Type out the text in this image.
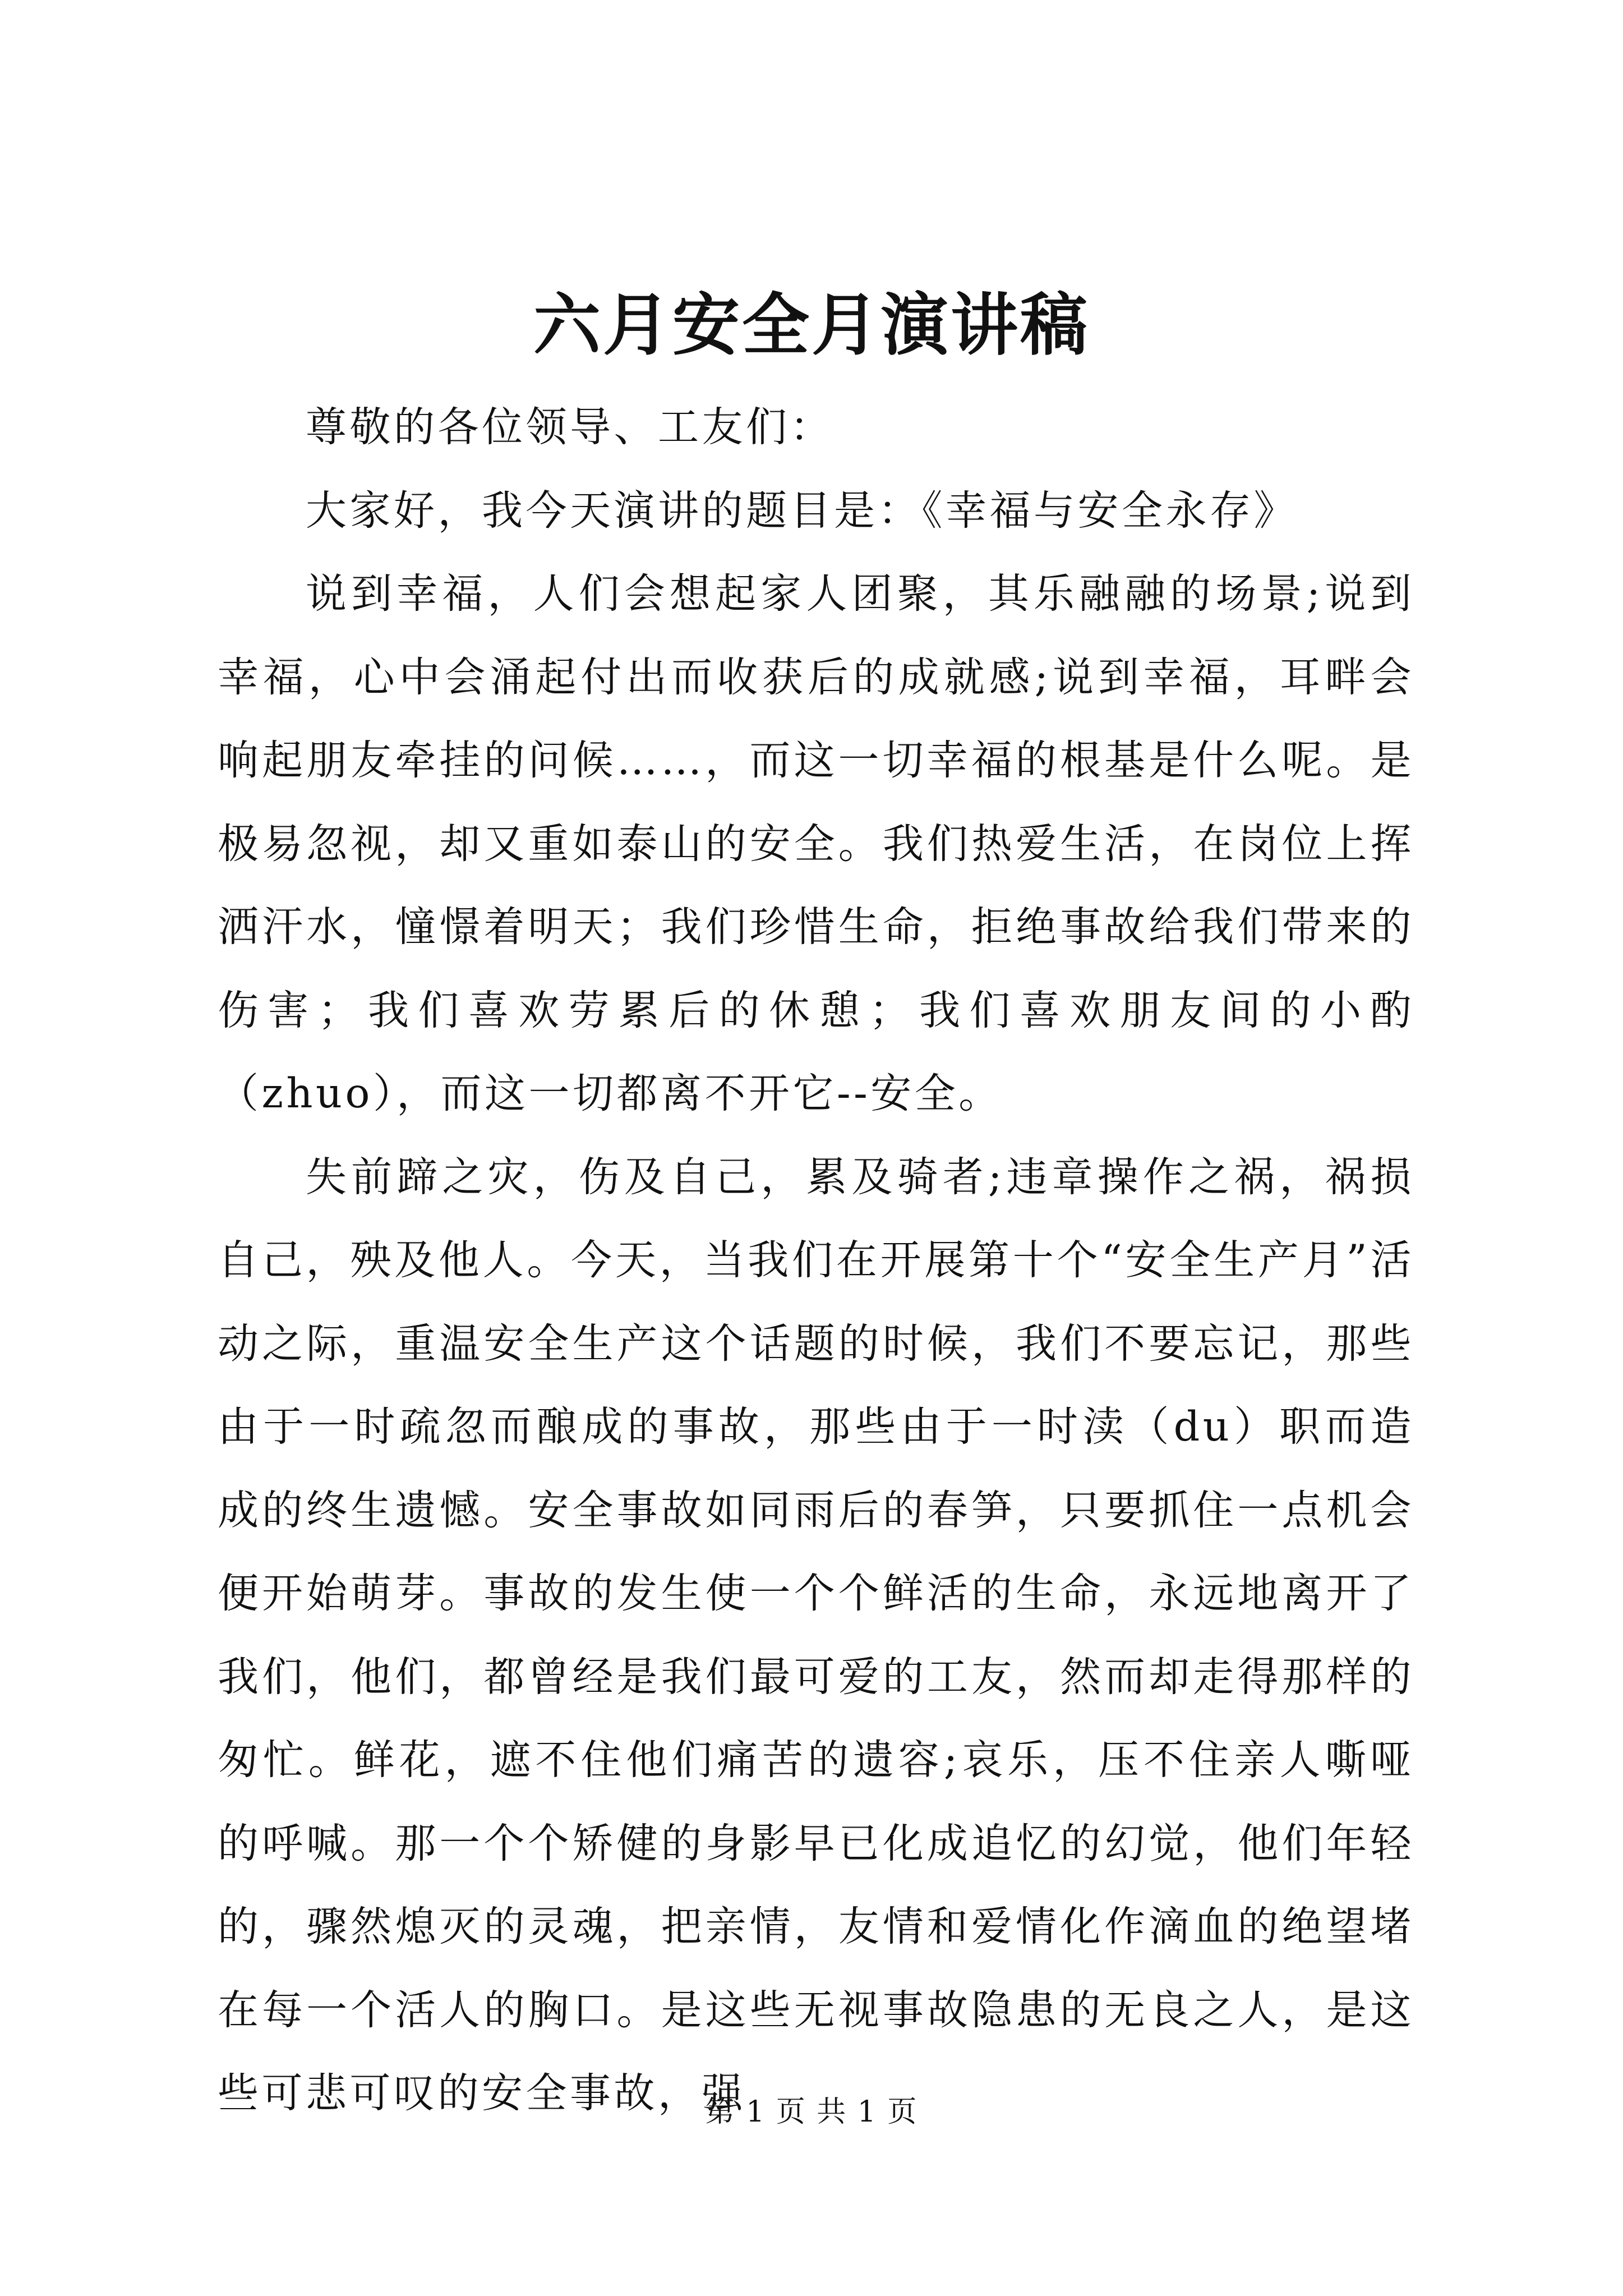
六月安全月演讲稿

尊敬的各位领导、工友们：

大家好，我今天演讲的题目是：《幸福与安全永存》

说到幸福，人们会想起家人团聚，其乐融融的场景;说到幸福，心中会涌起付出而收获后的成就感;说到幸福，耳畔会响起朋友牵挂的问候……，而这一切幸福的根基是什么呢。是极易忽视，却又重如泰山的安全。我们热爱生活，在岗位上挥洒汗水，憧憬着明天；我们珍惜生命，拒绝事故给我们带来的伤害；我们喜欢劳累后的休憩；我们喜欢朋友间的小酌（zhuo），而这一切都离不开它--安全。

失前蹄之灾，伤及自己，累及骑者;违章操作之祸，祸损自己，殃及他人。今天，当我们在开展第十个“安全生产月”活动之际，重温安全生产这个话题的时候，我们不要忘记，那些由于一时疏忽而酿成的事故，那些由于一时渎（du）职而造成的终生遗憾。安全事故如同雨后的春笋，只要抓住一点机会便开始萌芽。事故的发生使一个个鲜活的生命，永远地离开了我们，他们，都曾经是我们最可爱的工友，然而却走得那样的匆忙。鲜花，遮不住他们痛苦的遗容;哀乐，压不住亲人嘶哑的呼喊。那一个个矫健的身影早已化成追忆的幻觉，他们年轻的，骤然熄灭的灵魂，把亲情，友情和爱情化作滴血的绝望堵在每一个活人的胸口。是这些无视事故隐患的无良之人，是这些可悲可叹的安全事故，强

第 1 页 共 1 页
